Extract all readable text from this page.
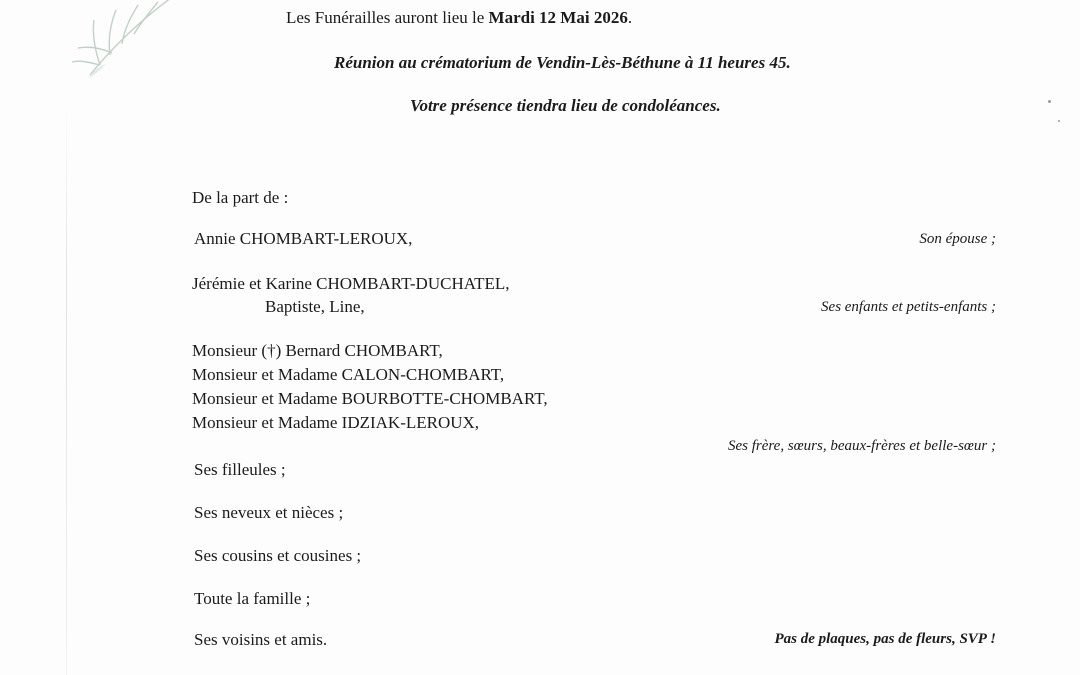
Les Funérailles auront lieu le Mardi 12 Mai 2026.
Réunion au crématorium de Vendin-Lès-Béthune à 11 heures 45.
Votre présence tiendra lieu de condoléances.
De la part de :
Annie CHOMBART-LEROUX,	Son épouse ;
Jérémie et Karine CHOMBART-DUCHATEL,
Baptiste, Line,	Ses enfants et petits-enfants ;
Monsieur (†) Bernard CHOMBART,
Monsieur et Madame CALON-CHOMBART,
Monsieur et Madame BOURBOTTE-CHOMBART,
Monsieur et Madame IDZIAK-LEROUX,
Ses frère, sœurs, beaux-frères et belle-sœur ;
Ses filleules ;
Ses neveux et nièces ;
Ses cousins et cousines ;
Toute la famille ;
Ses voisins et amis.	Pas de plaques, pas de fleurs, SVP !
